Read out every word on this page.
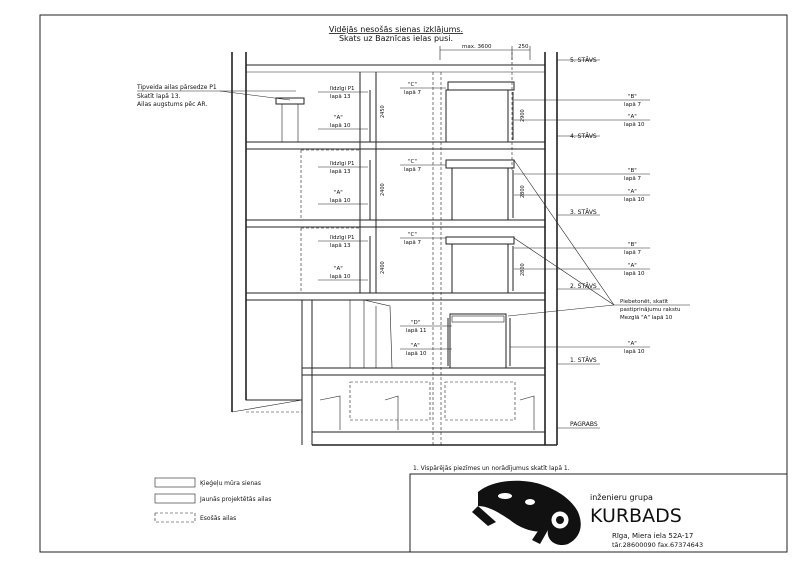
Vidējās nesošās sienas izklājums.
Skats uz Baznīcas ielas pusi.
max. 3600	250
2450
2400
2400
2900
2800
2800
5. STĀVS
4. STĀVS
3. STĀVS
2. STĀVS
1. STĀVS
PAGRABS
Tipveida ailas pārsedze P1
Skatīt lapā 13.
Ailas augstums pēc AR.
līdzīgi P1
lapā 13
"A"
lapā 10
līdzīgi P1
lapā 13
"A"
lapā 10
līdzīgi P1
lapā 13
"A"
lapā 10
"C"
lapā 7
"C"
lapā 7
"C"
lapā 7
"D"
lapā 11
"A"
lapā 10
"B"
lapā 7
"A"
lapā 10
"B"
lapā 7
"A"
lapā 10
"B"
lapā 7
"A"
lapā 10
"A"
lapā 10
Piebetonēt, skatīt
pastiprinājumu rakstu
Mezglā "A" lapā 10
Ķieģeļu mūra sienas
Jaunās projektētās ailas
Esošās ailas
1. Vispārējās piezīmes un norādījumus skatīt lapā 1.
inženieru grupa
KURBADS
Rīga, Miera iela 52A-17
tār.28600090 fax.67374643
